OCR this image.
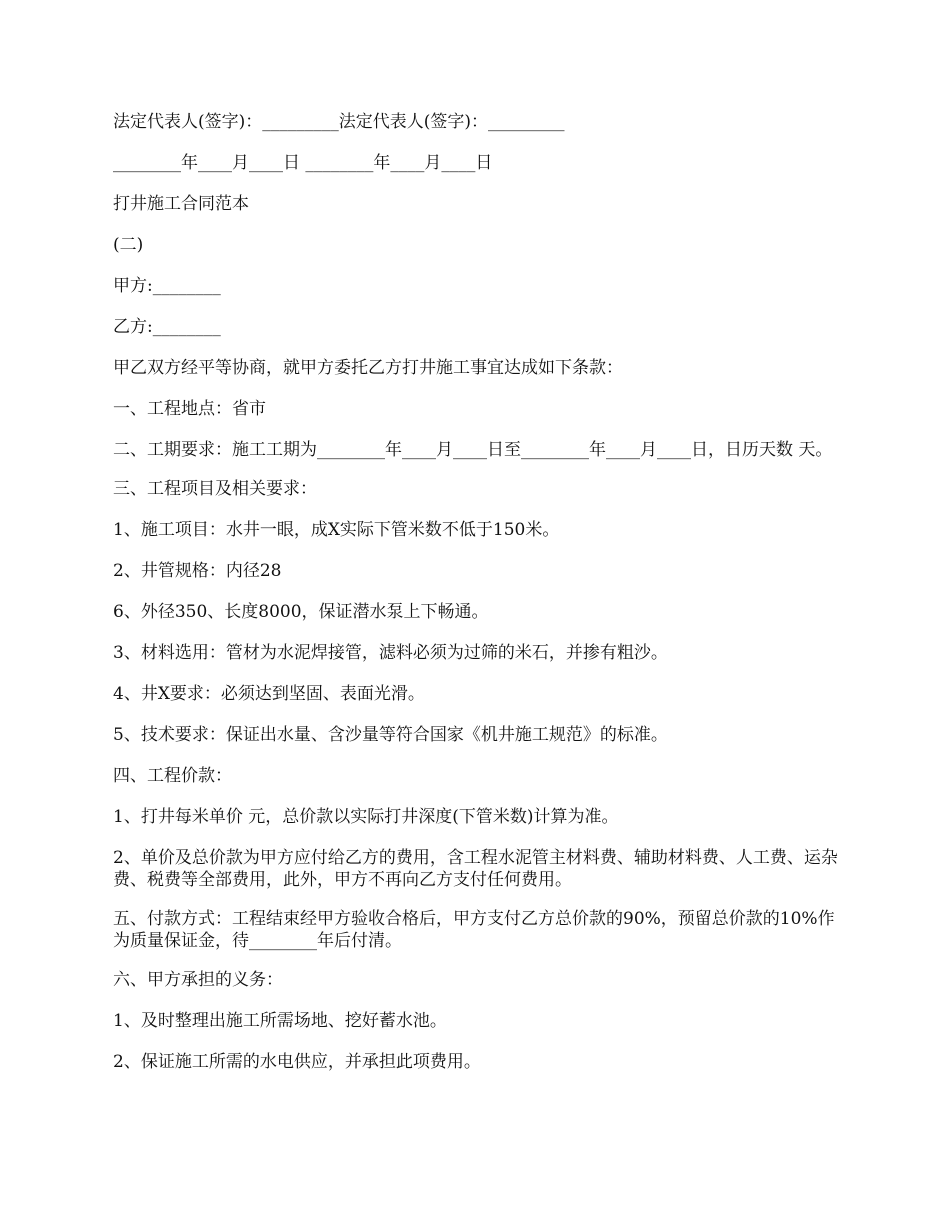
法定代表人(签字)：_________法定代表人(签字)：_________

________年____月____日 ________年____月____日

打井施工合同范本

(二)

甲方:________

乙方:________

甲乙双方经平等协商，就甲方委托乙方打井施工事宜达成如下条款：

一、工程地点：省市

二、工期要求：施工工期为________年____月____日至________年____月____日，日历天数 天。

三、工程项目及相关要求：

1、施工项目：水井一眼，成X实际下管米数不低于150米。

2、井管规格：内径28

6、外径350、长度8000，保证潜水泵上下畅通。

3、材料选用：管材为水泥焊接管，滤料必须为过筛的米石，并掺有粗沙。

4、井X要求：必须达到坚固、表面光滑。

5、技术要求：保证出水量、含沙量等符合国家《机井施工规范》的标准。

四、工程价款：

1、打井每米单价 元，总价款以实际打井深度(下管米数)计算为准。

2、单价及总价款为甲方应付给乙方的费用，含工程水泥管主材料费、辅助材料费、人工费、运杂费、税费等全部费用，此外，甲方不再向乙方支付任何费用。

五、付款方式：工程结束经甲方验收合格后，甲方支付乙方总价款的90%，预留总价款的10%作为质量保证金，待________年后付清。

六、甲方承担的义务：

1、及时整理出施工所需场地、挖好蓄水池。

2、保证施工所需的水电供应，并承担此项费用。
